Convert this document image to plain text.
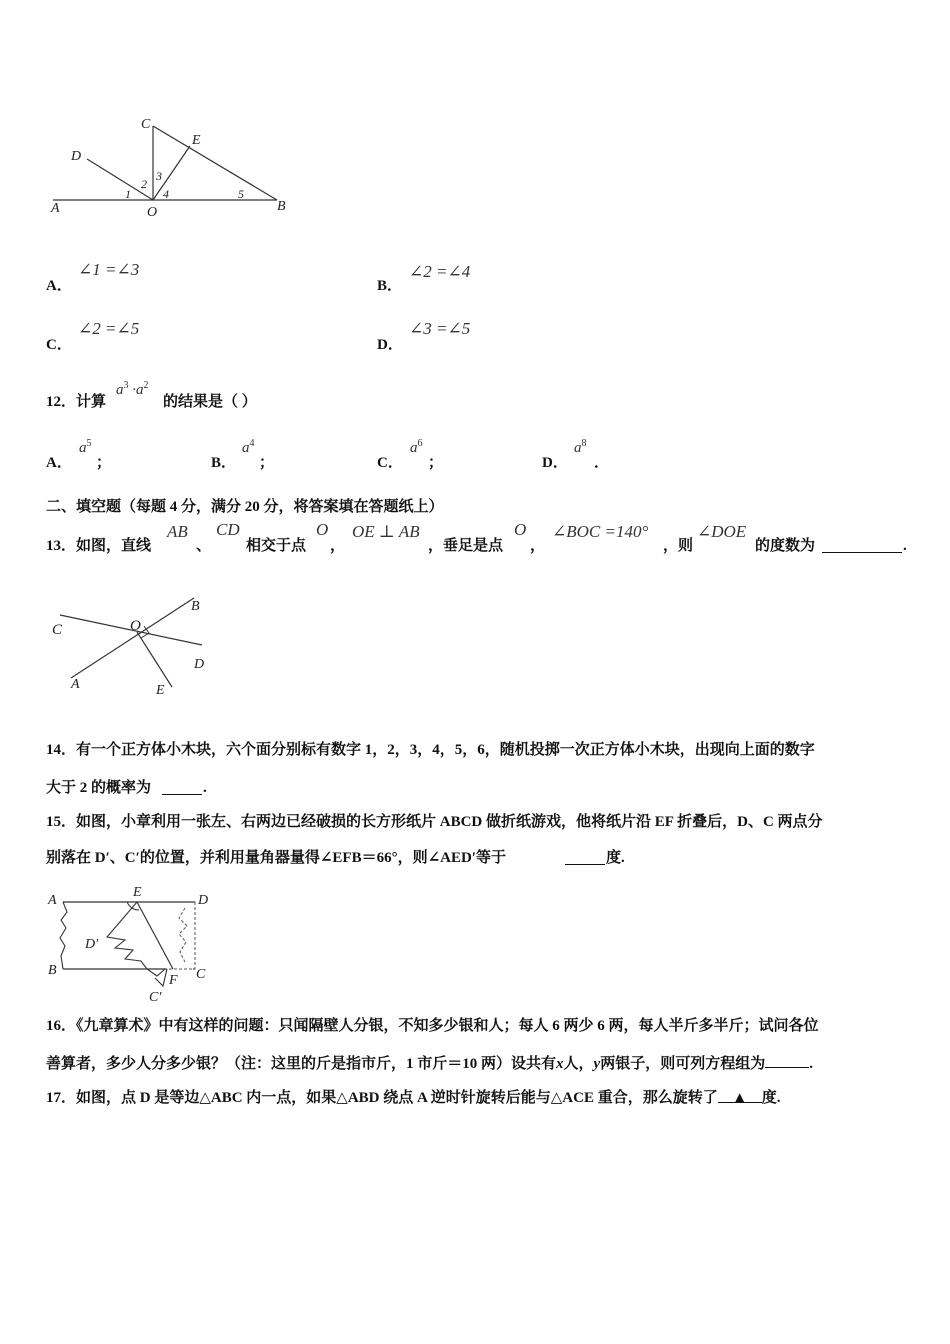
C
E
D
A	O	B
1
2
3
4	5
A．
∠1 =∠3
B．
∠2 =∠4
C．
∠2 =∠5
D．
∠3 =∠5
12．计算
$a^3 \cdot a^2$
的结果是（ ）
A．
$a^5$
；	B．
$a^4$
；	C．
$a^6$
；	D．
$a^8$
．
二、填空题（每题 4 分，满分 20 分，将答案填在答题纸上）
13．如图，直线
AB
、
CD
相交于点
O
，
OE ⊥ AB
，垂足是点
O
，
∠BOC =140°
，则
∠DOE
的度数为	.
C	O
B
D
A	E
14．有一个正方体小木块，六个面分别标有数字 1，2，3，4，5，6，随机投掷一次正方体小木块，出现向上面的数字
大于 2 的概率为	.
15．如图，小章利用一张左、右两边已经破损的长方形纸片 ABCD 做折纸游戏，他将纸片沿 EF 折叠后，D、C 两点分
别落在 D′、C′的位置，并利用量角器量得∠EFB＝66°，则∠AED′等于	度.
A
E
D
D′
B
F C
C′
16．《九章算术》中有这样的问题：只闻隔壁人分银，不知多少银和人；每人 6 两少 6 两，每人半斤多半斤；试问各位
善算者，多少人分多少银？（注：这里的斤是指市斤，1 市斤＝10 两）设共有x人，y两银子，则可列方程组为	.
17．如图，点 D 是等边△ABC 内一点，如果△ABD 绕点 A 逆时针旋转后能与△ACE 重合，那么旋转了 ▲ 度.
